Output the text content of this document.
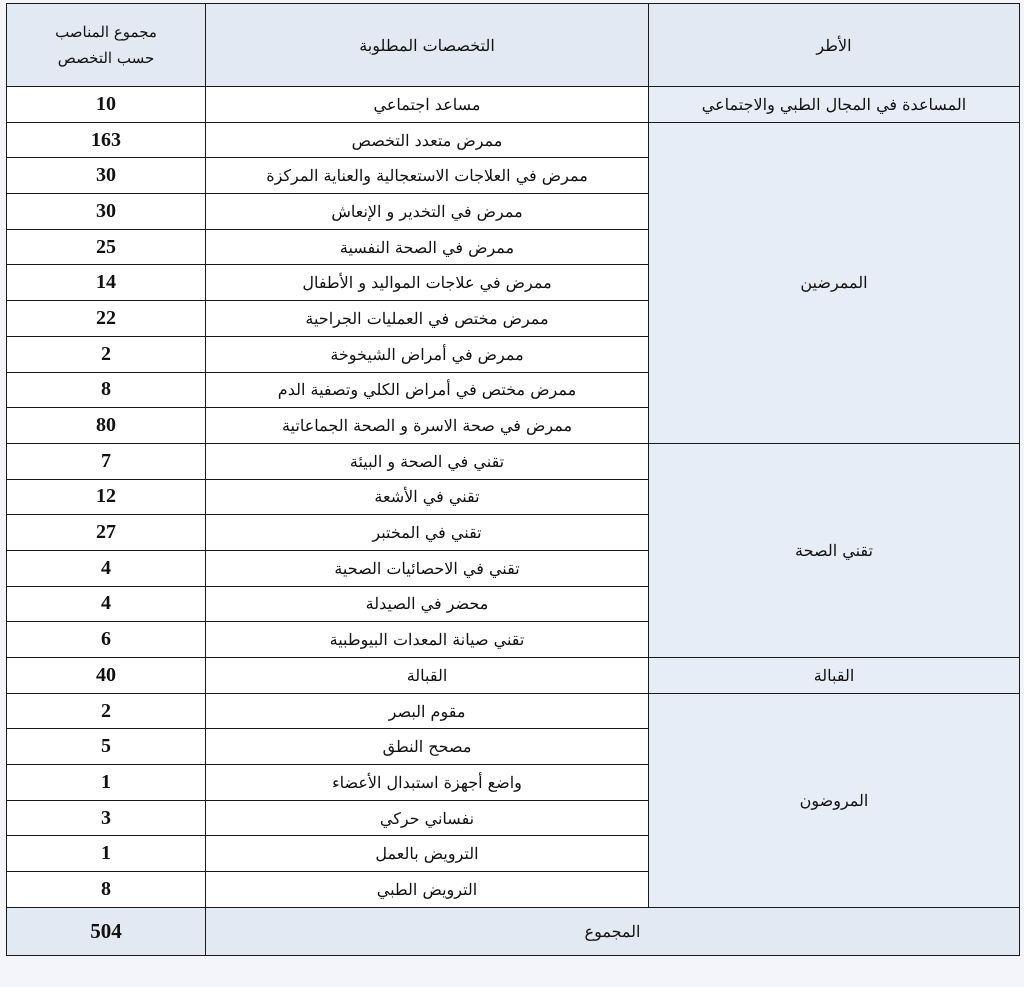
مجموع المناصب
حسب التخصص	التخصصات المطلوبة	الأطر
10	مساعد اجتماعي	المساعدة في المجال الطبي والاجتماعي
163	ممرض متعدد التخصص	الممرضين
30	ممرض في العلاجات الاستعجالية والعناية المركزة	
30	ممرض في التخدير و الإنعاش	
25	ممرض في الصحة النفسية	
14	ممرض في علاجات المواليد و الأطفال	
22	ممرض مختص في العمليات الجراحية	
2	ممرض في أمراض الشيخوخة	
8	ممرض مختص في أمراض الكلي وتصفية الدم	
80	ممرض في صحة الاسرة و الصحة الجماعاتية	
7	تقني في الصحة و البيئة	تقني الصحة
12	تقني في الأشعة	
27	تقني في المختبر	
4	تقني في الاحصائيات الصحية	
4	محضر في الصيدلة	
6	تقني صيانة المعدات البيوطبية	
40	القبالة	القبالة
2	مقوم البصر	المروضون
5	مصحح النطق	
1	واضع أجهزة استبدال الأعضاء	
3	نفساني حركي	
1	الترويض بالعمل	
8	الترويض الطبي	
504	المجموع	
